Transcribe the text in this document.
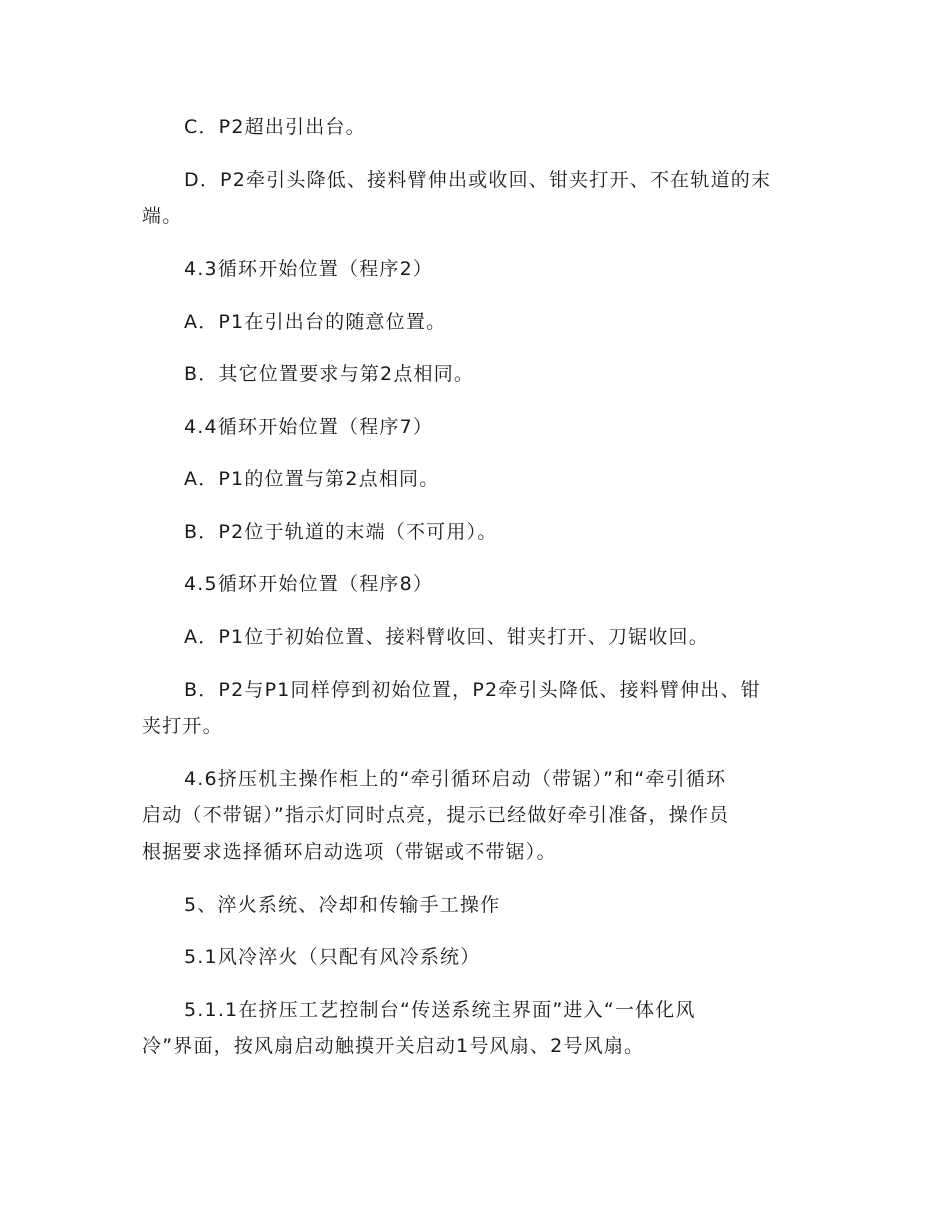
C．P2超出引出台。
D．P2牵引头降低、接料臂伸出或收回、钳夹打开、不在轨道的末
端。
4.3循环开始位置（程序2）
A．P1在引出台的随意位置。
B．其它位置要求与第2点相同。
4.4循环开始位置（程序7）
A．P1的位置与第2点相同。
B．P2位于轨道的末端（不可用）。
4.5循环开始位置（程序8）
A．P1位于初始位置、接料臂收回、钳夹打开、刀锯收回。
B．P2与P1同样停到初始位置，P2牵引头降低、接料臂伸出、钳
夹打开。
4.6挤压机主操作柜上的“牵引循环启动（带锯）”和“牵引循环
启动（不带锯）”指示灯同时点亮，提示已经做好牵引准备，操作员
根据要求选择循环启动选项（带锯或不带锯）。
5、淬火系统、冷却和传输手工操作
5.1风冷淬火（只配有风冷系统）
5.1.1在挤压工艺控制台“传送系统主界面”进入“一体化风
冷”界面，按风扇启动触摸开关启动1号风扇、2号风扇。
